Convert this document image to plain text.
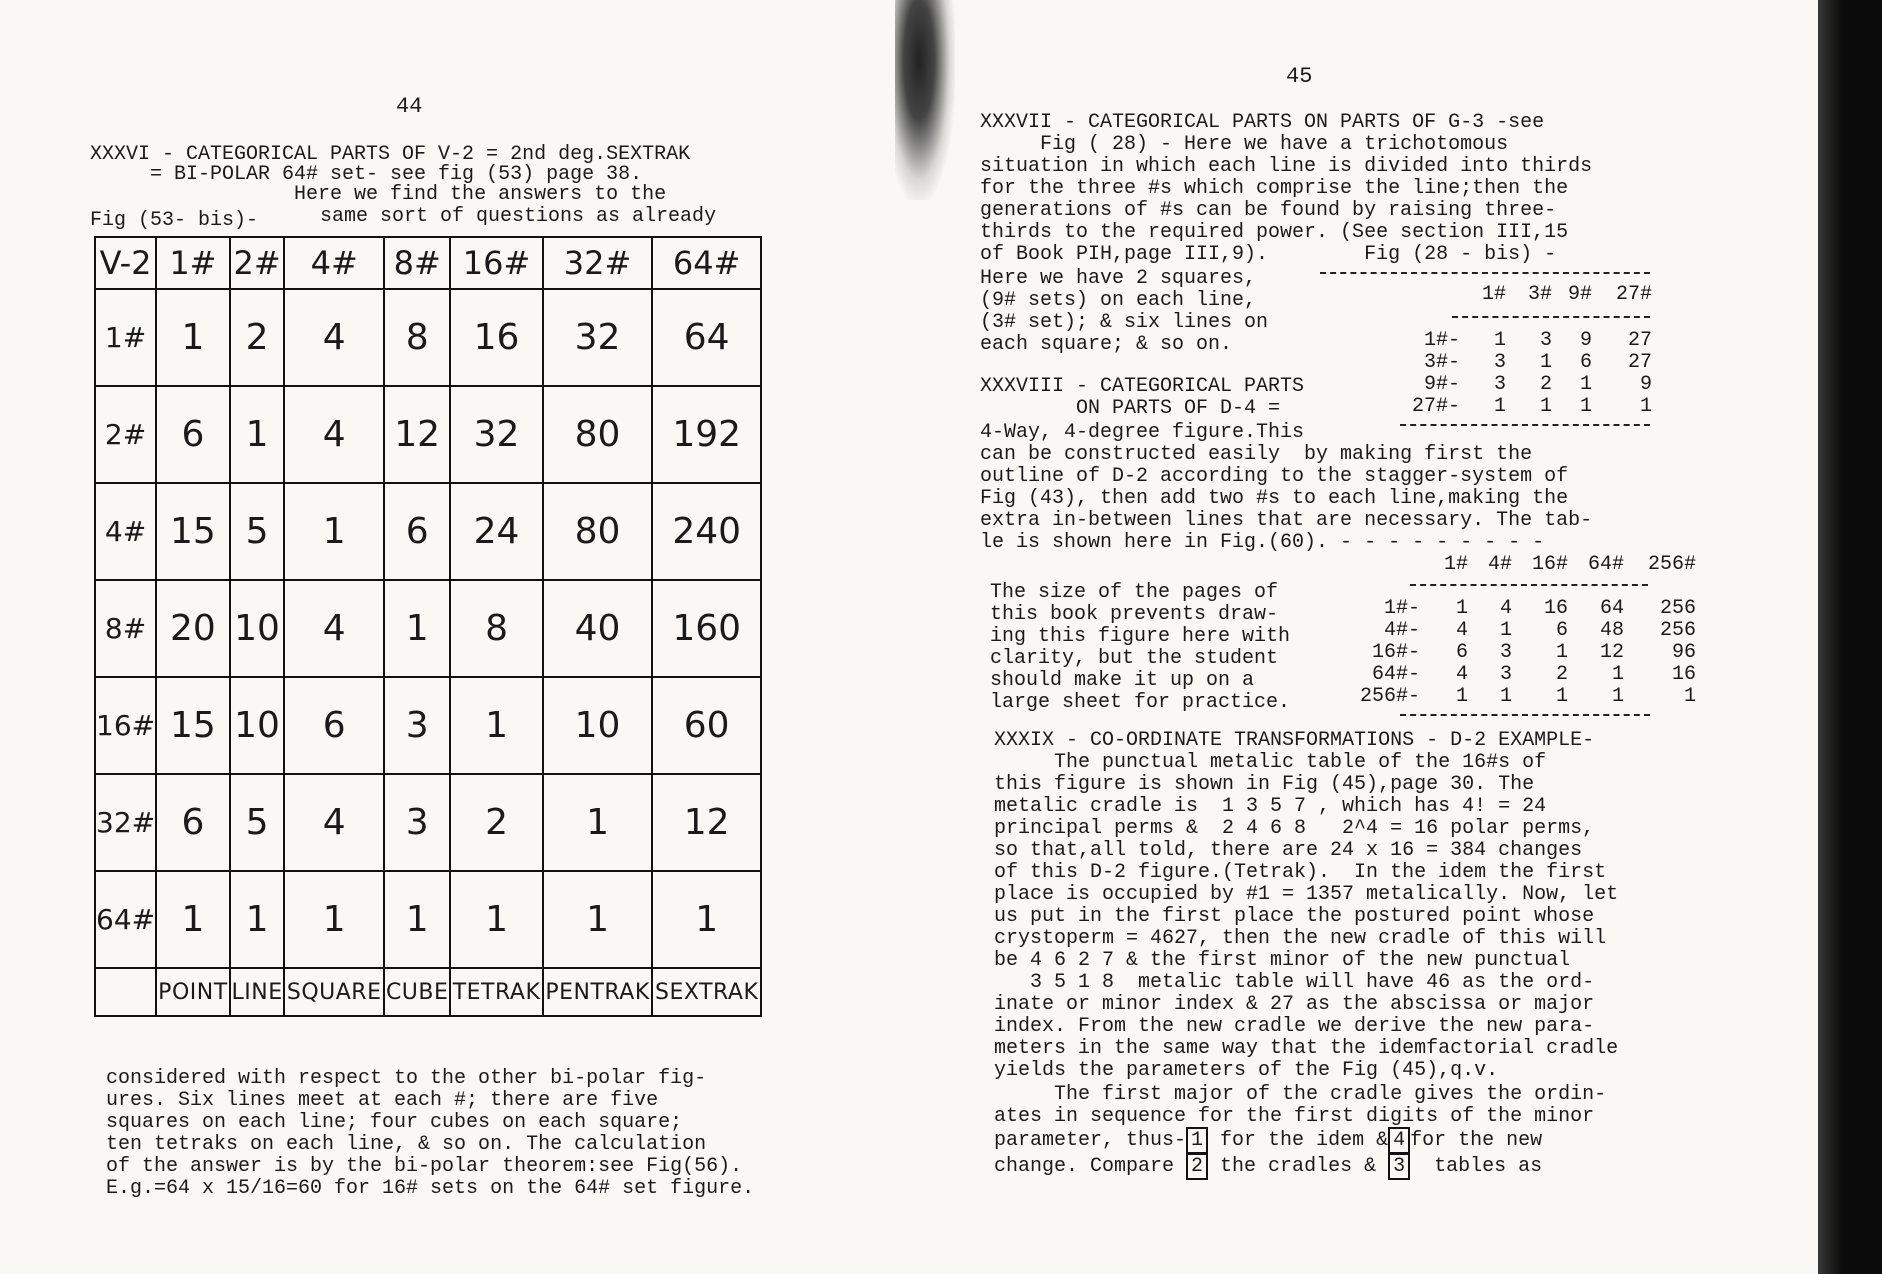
44
XXXVI - CATEGORICAL PARTS OF V-2 = 2nd deg.SEXTRAK
= BI-POLAR 64# set- see fig (53) page 38.
Here we find the answers to the
Fig (53- bis)-	same sort of questions as already
V-2	1#	2#	4#	8#	16#	32#	64#
1#	1	2	4	8	16	32	64
2#	6	1	4	12	32	80	192
4#	15	5	1	6	24	80	240
8#	20	10	4	1	8	40	160
16#	15	10	6	3	1	10	60
32#	6	5	4	3	2	1	12
64#	1	1	1	1	1	1	1
	POINT	LINE	SQUARE	CUBE	TETRAK	PENTRAK	SEXTRAK
considered with respect to the other bi-polar fig-
ures. Six lines meet at each #; there are five
squares on each line; four cubes on each square;
ten tetraks on each line, & so on. The calculation
of the answer is by the bi-polar theorem:see Fig(56).
E.g.=64 x 15/16=60 for 16# sets on the 64# set figure.
45
XXXVII - CATEGORICAL PARTS ON PARTS OF G-3 -see
Fig ( 28) - Here we have a trichotomous
situation in which each line is divided into thirds
for the three #s which comprise the line;then the
generations of #s can be found by raising three-
thirds to the required power. (See section III,15
of Book PIH,page III,9).        Fig (28 - bis) -
Here we have 2 squares,
(9# sets) on each line,
(3# set); & six lines on
each square; & so on.
1#	3# 9#	27#
1#-	1	3	9	27
3#-	3	1	6	27
9#-	3	2	1	9
27#-	1	1	1	1
XXXVIII - CATEGORICAL PARTS
ON PARTS OF D-4 =
4-Way, 4-degree figure.This
can be constructed easily  by making first the
outline of D-2 according to the stagger-system of
Fig (43), then add two #s to each line,making the
extra in-between lines that are necessary. The tab-
le is shown here in Fig.(60). - - - - - - - - -
1# 4# 16# 64#	256#
1#-	1	4	16	64	256
4#-	4	1	6	48	256
16#-	6	3	1	12	96
64#-	4	3	2	1	16
256#-	1	1	1	1	1
The size of the pages of
this book prevents draw-
ing this figure here with
clarity, but the student
should make it up on a
large sheet for practice.
XXXIX - CO-ORDINATE TRANSFORMATIONS - D-2 EXAMPLE-
The punctual metalic table of the 16#s of
this figure is shown in Fig (45),page 30. The
metalic cradle is  1 3 5 7 , which has 4! = 24
principal perms &  2 4 6 8   2^4 = 16 polar perms,
so that,all told, there are 24 x 16 = 384 changes
of this D-2 figure.(Tetrak).  In the idem the first
place is occupied by #1 = 1357 metalically. Now, let
us put in the first place the postured point whose
crystoperm = 4627, then the new cradle of this will
be 4 6 2 7 & the first minor of the new punctual
3 5 1 8  metalic table will have 46 as the ord-
inate or minor index & 27 as the abscissa or major
index. From the new cradle we derive the new para-
meters in the same way that the idemfactorial cradle
yields the parameters of the Fig (45),q.v.
The first major of the cradle gives the ordin-
ates in sequence for the first digits of the minor
parameter, thus- 1 for the idem & 4 for the new
change. Compare 2 the cradles & 3  tables as
